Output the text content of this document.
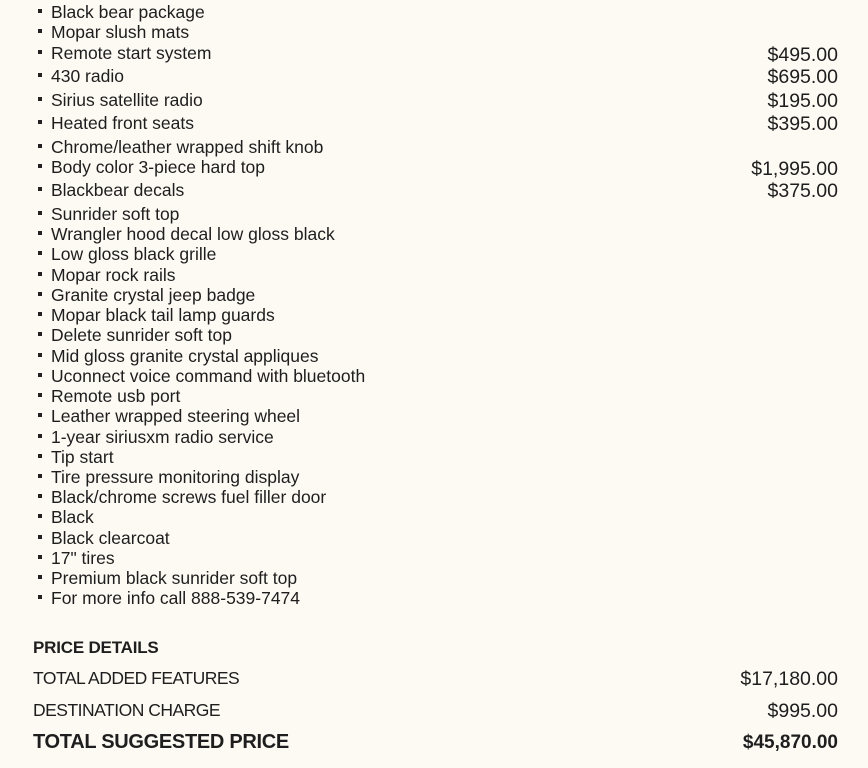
Black bear package
Mopar slush mats
Remote start system	$495.00
430 radio	$695.00
Sirius satellite radio	$195.00
Heated front seats	$395.00
Chrome/leather wrapped shift knob
Body color 3-piece hard top	$1,995.00
Blackbear decals	$375.00
Sunrider soft top
Wrangler hood decal low gloss black
Low gloss black grille
Mopar rock rails
Granite crystal jeep badge
Mopar black tail lamp guards
Delete sunrider soft top
Mid gloss granite crystal appliques
Uconnect voice command with bluetooth
Remote usb port
Leather wrapped steering wheel
1-year siriusxm radio service
Tip start
Tire pressure monitoring display
Black/chrome screws fuel filler door
Black
Black clearcoat
17" tires
Premium black sunrider soft top
For more info call 888-539-7474
PRICE DETAILS
TOTAL ADDED FEATURES	$17,180.00
DESTINATION CHARGE	$995.00
TOTAL SUGGESTED PRICE	$45,870.00
